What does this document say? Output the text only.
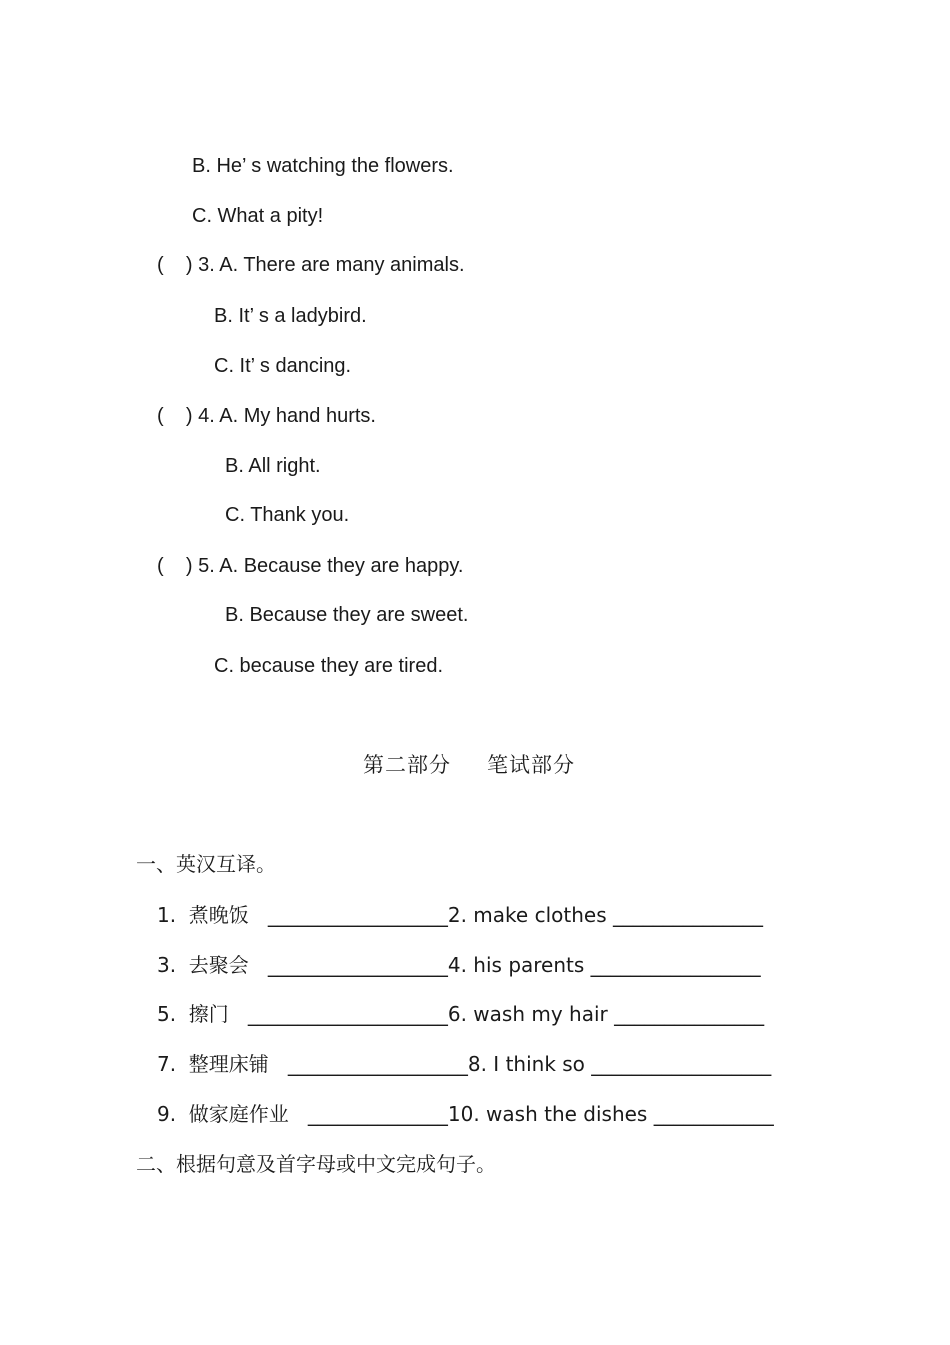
B. He’ s watching the flowers.
C. What a pity!
(    ) 3. A. There are many animals.
B. It’ s a ladybird.
C. It’ s dancing.
(    ) 4. A. My hand hurts.
B. All right.
C. Thank you.
(    ) 5. A. Because they are happy.
B. Because they are sweet.
C. because they are tired.
第二部分 笔试部分
一、英汉互译。
1.  煮晚饭   __________________2. make clothes _______________
3.  去聚会   __________________4. his parents _________________
5.  擦门   ____________________6. wash my hair _______________
7.  整理床铺   __________________8. I think so __________________
9.  做家庭作业   ______________10. wash the dishes ____________
二、根据句意及首字母或中文完成句子。
